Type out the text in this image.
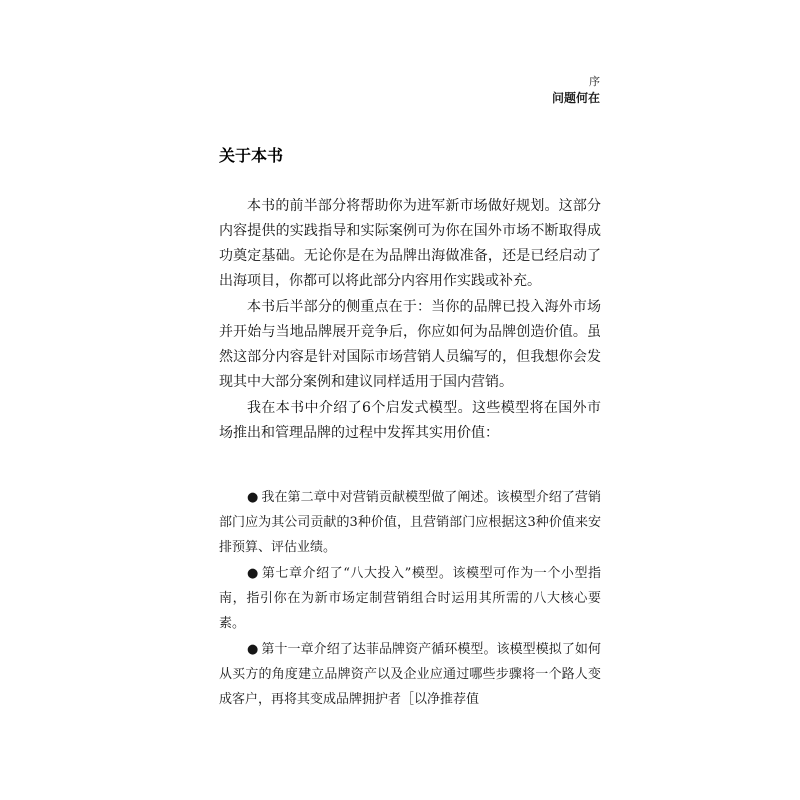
序
问题何在
关于本书

本书的前半部分将帮助你为进军新市场做好规划。这部分内容提供的实践指导和实际案例可为你在国外市场不断取得成功奠定基础。无论你是在为品牌出海做准备，还是已经启动了出海项目，你都可以将此部分内容用作实践或补充。

本书后半部分的侧重点在于：当你的品牌已投入海外市场并开始与当地品牌展开竞争后，你应如何为品牌创造价值。虽然这部分内容是针对国际市场营销人员编写的，但我想你会发现其中大部分案例和建议同样适用于国内营销。

我在本书中介绍了6个启发式模型。这些模型将在国外市场推出和管理品牌的过程中发挥其实用价值：

● 我在第二章中对营销贡献模型做了阐述。该模型介绍了营销部门应为其公司贡献的3种价值，且营销部门应根据这3种价值来安排预算、评估业绩。

● 第七章介绍了“八大投入”模型。该模型可作为一个小型指南，指引你在为新市场定制营销组合时运用其所需的八大核心要素。

● 第十一章介绍了达菲品牌资产循环模型。该模型模拟了如何从买方的角度建立品牌资产以及企业应通过哪些步骤将一个路人变成客户，再将其变成品牌拥护者［以净推荐值
